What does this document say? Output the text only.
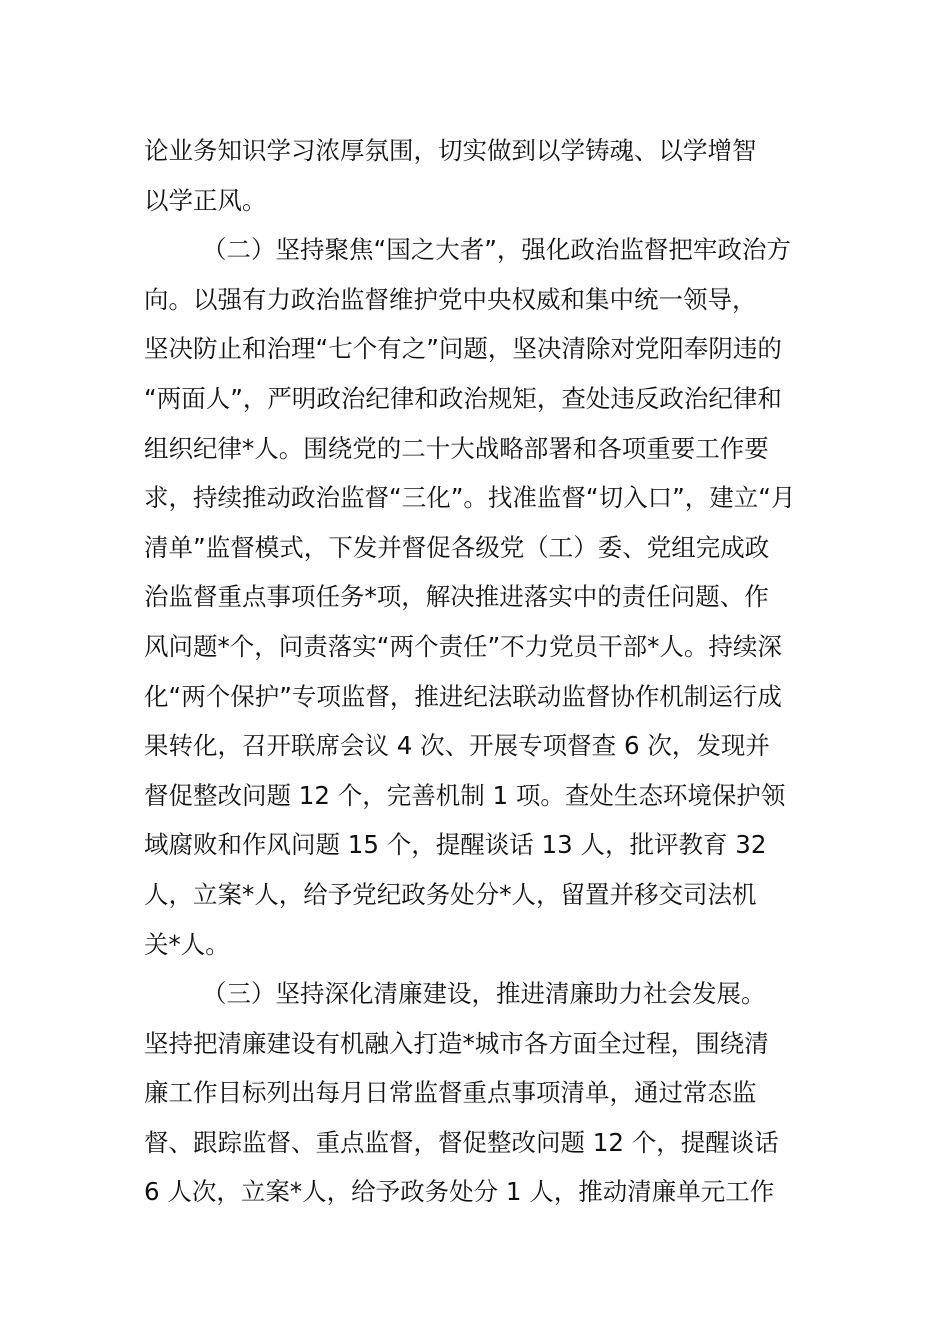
论业务知识学习浓厚氛围，切实做到以学铸魂、以学增智
以学正风。
（二）坚持聚焦“国之大者”，强化政治监督把牢政治方
向。以强有力政治监督维护党中央权威和集中统一领导，
坚决防止和治理“七个有之”问题，坚决清除对党阳奉阴违的
“两面人”，严明政治纪律和政治规矩，查处违反政治纪律和
组织纪律*人。围绕党的二十大战略部署和各项重要工作要
求，持续推动政治监督“三化”。找准监督“切入口”，建立“月
清单”监督模式，下发并督促各级党（工）委、党组完成政
治监督重点事项任务*项，解决推进落实中的责任问题、作
风问题*个，问责落实“两个责任”不力党员干部*人。持续深
化“两个保护”专项监督，推进纪法联动监督协作机制运行成
果转化，召开联席会议 4 次、开展专项督查 6 次，发现并
督促整改问题 12 个，完善机制 1 项。查处生态环境保护领
域腐败和作风问题 15 个，提醒谈话 13 人，批评教育 32
人，立案*人，给予党纪政务处分*人，留置并移交司法机
关*人。
（三）坚持深化清廉建设，推进清廉助力社会发展。
坚持把清廉建设有机融入打造*城市各方面全过程，围绕清
廉工作目标列出每月日常监督重点事项清单，通过常态监
督、跟踪监督、重点监督，督促整改问题 12 个，提醒谈话
6 人次，立案*人，给予政务处分 1 人，推动清廉单元工作
